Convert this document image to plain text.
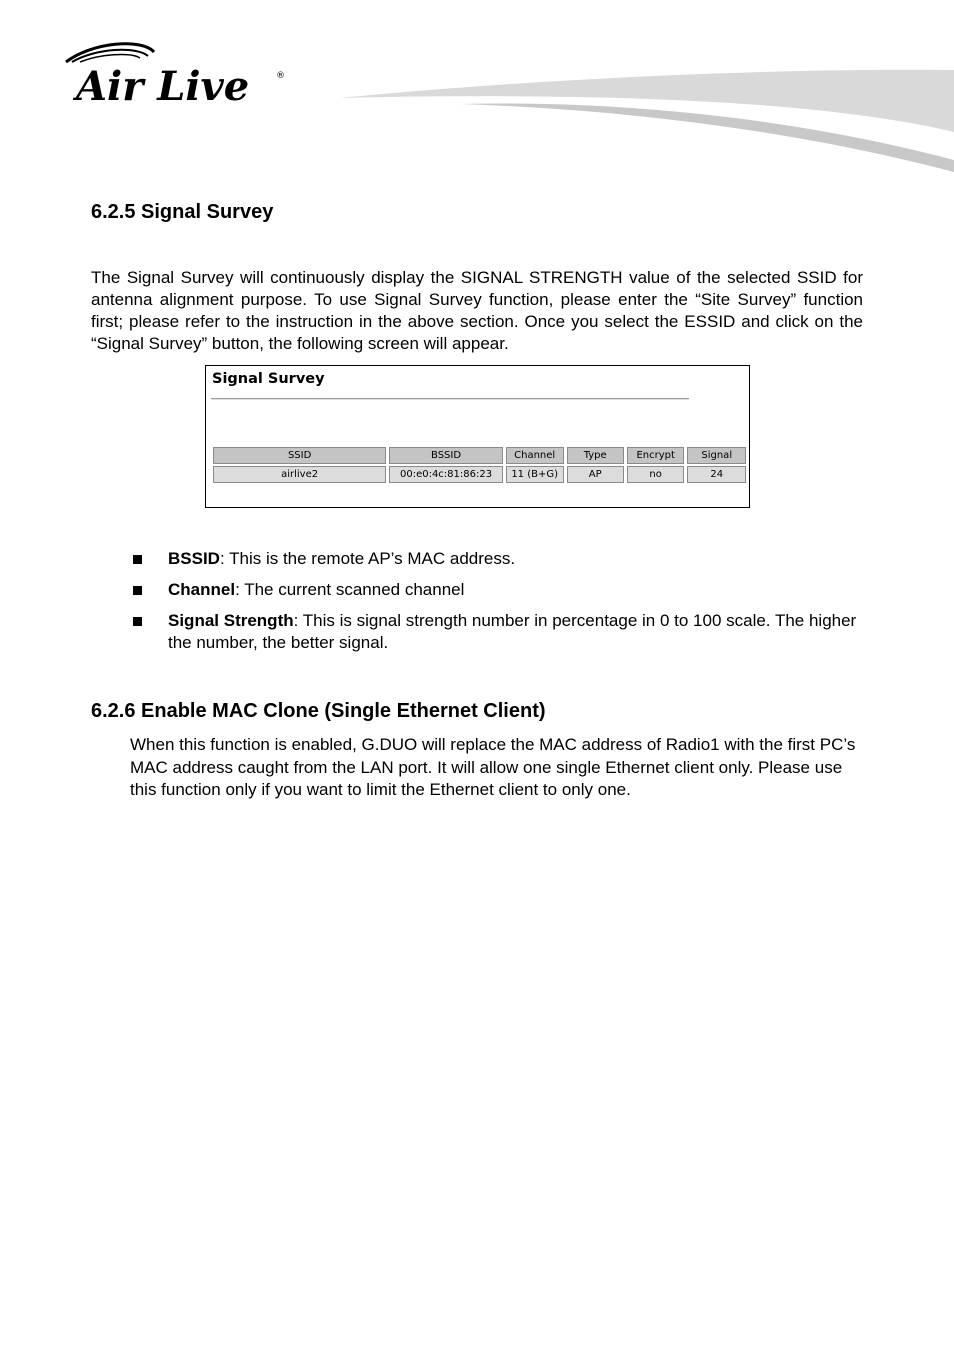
Air Live	®
6.2.5 Signal Survey

The Signal Survey will continuously display the SIGNAL STRENGTH value of the selected SSID for antenna alignment purpose. To use Signal Survey function, please enter the “Site Survey” function first; please refer to the instruction in the above section. Once you select the ESSID and click on the “Signal Survey” button, the following screen will appear.

Signal Survey
SSID	BSSID	Channel	Type	Encrypt	Signal
airlive2	00:e0:4c:81:86:23	11 (B+G)	AP	no	24
BSSID: This is the remote AP’s MAC address.
Channel: The current scanned channel
Signal Strength: This is signal strength number in percentage in 0 to 100 scale. The higher the number, the better signal.
6.2.6 Enable MAC Clone (Single Ethernet Client)

When this function is enabled, G.DUO will replace the MAC address of Radio1 with the first PC’s MAC address caught from the LAN port. It will allow one single Ethernet client only. Please use this function only if you want to limit the Ethernet client to only one.
